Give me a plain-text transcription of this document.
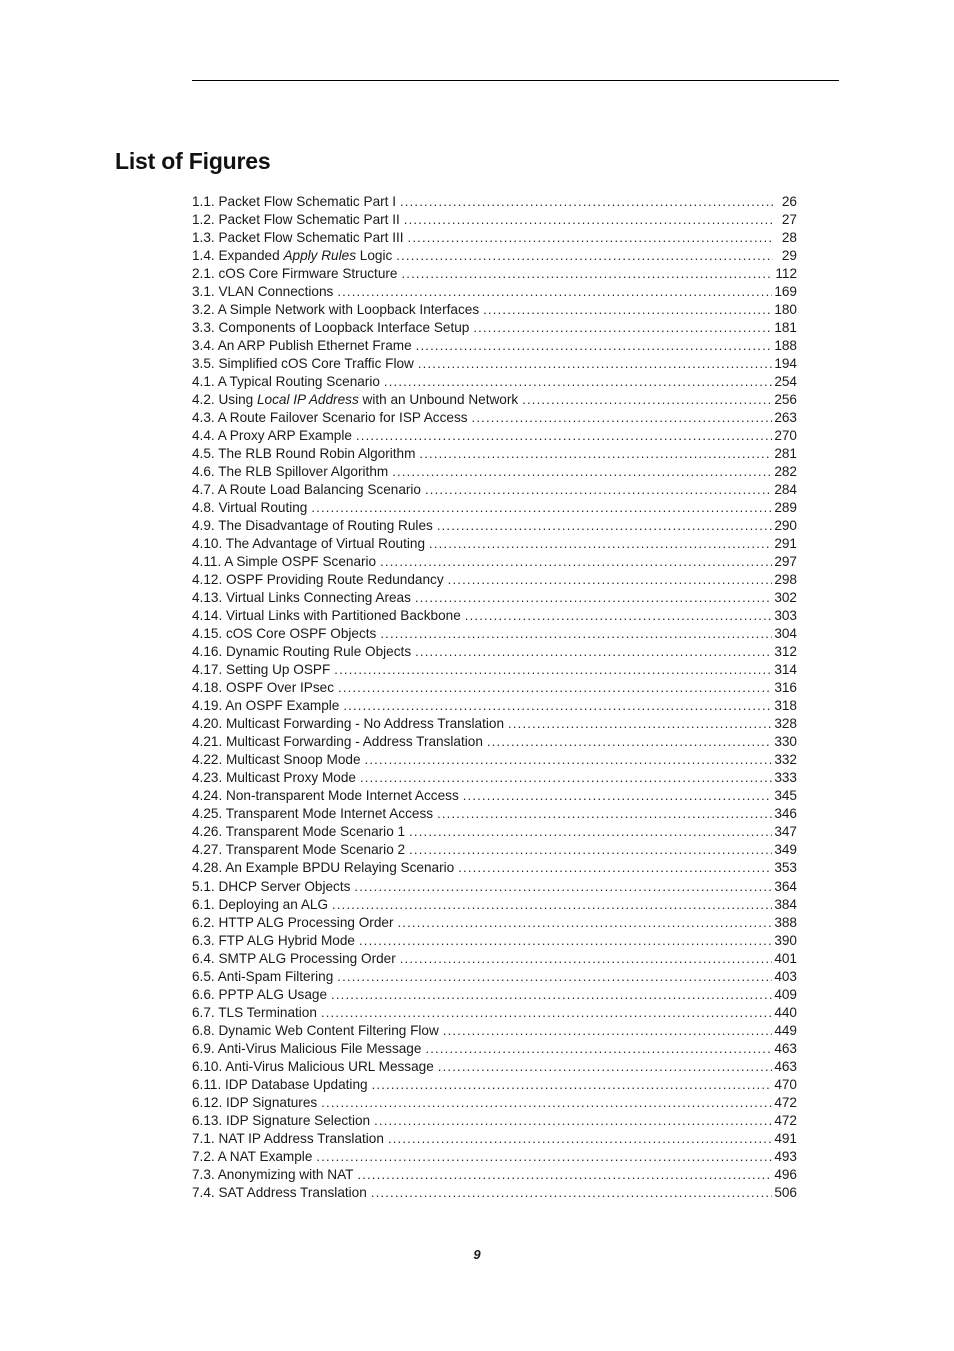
List of Figures
1.1. Packet Flow Schematic Part I .....	26
1.2. Packet Flow Schematic Part II .....	27
1.3. Packet Flow Schematic Part III .....	28
1.4. Expanded Apply Rules Logic .....	29
2.1. cOS Core Firmware Structure .....	112
3.1. VLAN Connections .....	169
3.2. A Simple Network with Loopback Interfaces .....	180
3.3. Components of Loopback Interface Setup .....	181
3.4. An ARP Publish Ethernet Frame .....	188
3.5. Simplified cOS Core Traffic Flow .....	194
4.1. A Typical Routing Scenario .....	254
4.2. Using Local IP Address with an Unbound Network .....	256
4.3. A Route Failover Scenario for ISP Access .....	263
4.4. A Proxy ARP Example .....	270
4.5. The RLB Round Robin Algorithm .....	281
4.6. The RLB Spillover Algorithm .....	282
4.7. A Route Load Balancing Scenario .....	284
4.8. Virtual Routing .....	289
4.9. The Disadvantage of Routing Rules .....	290
4.10. The Advantage of Virtual Routing .....	291
4.11. A Simple OSPF Scenario .....	297
4.12. OSPF Providing Route Redundancy .....	298
4.13. Virtual Links Connecting Areas .....	302
4.14. Virtual Links with Partitioned Backbone .....	303
4.15. cOS Core OSPF Objects .....	304
4.16. Dynamic Routing Rule Objects .....	312
4.17. Setting Up OSPF .....	314
4.18. OSPF Over IPsec .....	316
4.19. An OSPF Example .....	318
4.20. Multicast Forwarding - No Address Translation .....	328
4.21. Multicast Forwarding - Address Translation .....	330
4.22. Multicast Snoop Mode .....	332
4.23. Multicast Proxy Mode .....	333
4.24. Non-transparent Mode Internet Access .....	345
4.25. Transparent Mode Internet Access .....	346
4.26. Transparent Mode Scenario 1 .....	347
4.27. Transparent Mode Scenario 2 .....	349
4.28. An Example BPDU Relaying Scenario .....	353
5.1. DHCP Server Objects .....	364
6.1. Deploying an ALG .....	384
6.2. HTTP ALG Processing Order .....	388
6.3. FTP ALG Hybrid Mode .....	390
6.4. SMTP ALG Processing Order .....	401
6.5. Anti-Spam Filtering .....	403
6.6. PPTP ALG Usage .....	409
6.7. TLS Termination .....	440
6.8. Dynamic Web Content Filtering Flow .....	449
6.9. Anti-Virus Malicious File Message .....	463
6.10. Anti-Virus Malicious URL Message .....	463
6.11. IDP Database Updating .....	470
6.12. IDP Signatures .....	472
6.13. IDP Signature Selection .....	472
7.1. NAT IP Address Translation .....	491
7.2. A NAT Example .....	493
7.3. Anonymizing with NAT .....	496
7.4. SAT Address Translation .....	506
9
